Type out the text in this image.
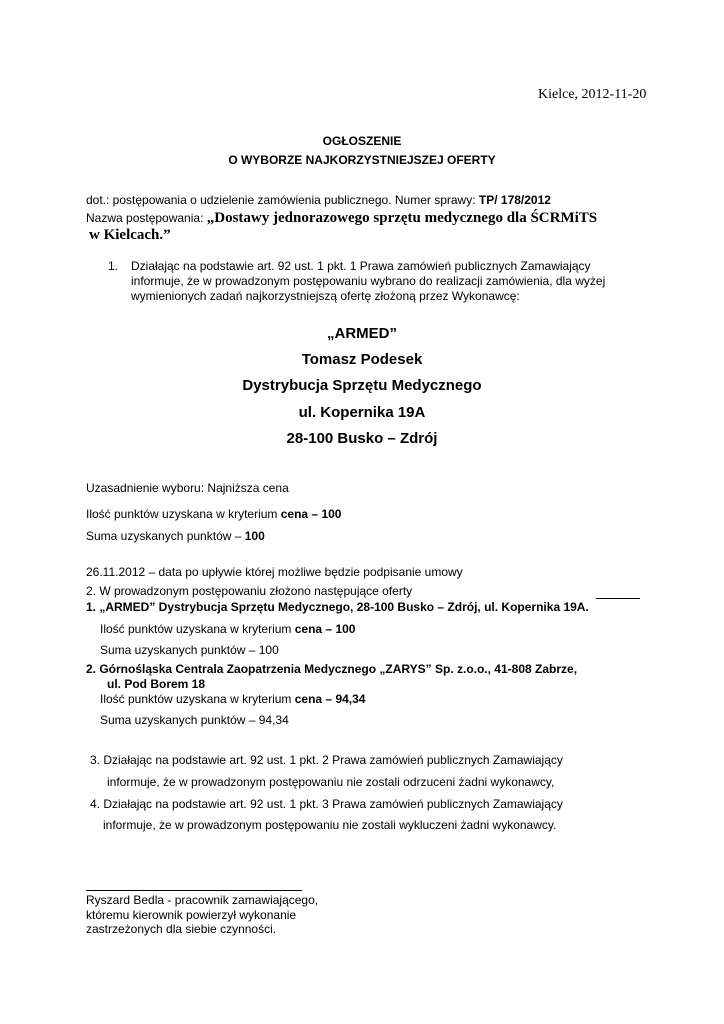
Kielce, 2012-11-20
OGŁOSZENIE
O WYBORZE NAJKORZYSTNIEJSZEJ OFERTY
dot.: postępowania o udzielenie zamówienia publicznego. Numer sprawy: TP/ 178/2012
Nazwa postępowania: „Dostawy jednorazowego sprzętu medycznego dla ŚCRMiTS
w Kielcach.”
1. Działając na podstawie art. 92 ust. 1 pkt. 1 Prawa zamówień publicznych Zamawiający
informuje, że w prowadzonym postępowaniu wybrano do realizacji zamówienia, dla wyżej
wymienionych zadań najkorzystniejszą ofertę złożoną przez Wykonawcę:
„ARMED”
Tomasz Podesek
Dystrybucja Sprzętu Medycznego
ul. Kopernika 19A
28-100 Busko – Zdrój
Uzasadnienie wyboru: Najniższa cena
Ilość punktów uzyskana w kryterium cena – 100
Suma uzyskanych punktów – 100
26.11.2012 – data po upływie której możliwe będzie podpisanie umowy
2. W prowadzonym postępowaniu złożono następujące oferty
1. „ARMED” Dystrybucja Sprzętu Medycznego, 28-100 Busko – Zdrój, ul. Kopernika 19A.
Ilość punktów uzyskana w kryterium cena – 100
Suma uzyskanych punktów – 100
2. Górnośląska Centrala Zaopatrzenia Medycznego „ZARYS” Sp. z.o.o., 41-808 Zabrze,
ul. Pod Borem 18
Ilość punktów uzyskana w kryterium cena – 94,34
Suma uzyskanych punktów – 94,34
3. Działając na podstawie art. 92 ust. 1 pkt. 2 Prawa zamówień publicznych Zamawiający
informuje, że w prowadzonym postępowaniu nie zostali odrzuceni żadni wykonawcy,
4. Działając na podstawie art. 92 ust. 1 pkt. 3 Prawa zamówień publicznych Zamawiający
informuje, że w prowadzonym postępowaniu nie zostali wykluczeni żadni wykonawcy.
Ryszard Bedla - pracownik zamawiającego,
któremu kierownik powierzył wykonanie
zastrzeżonych dla siebie czynności.
